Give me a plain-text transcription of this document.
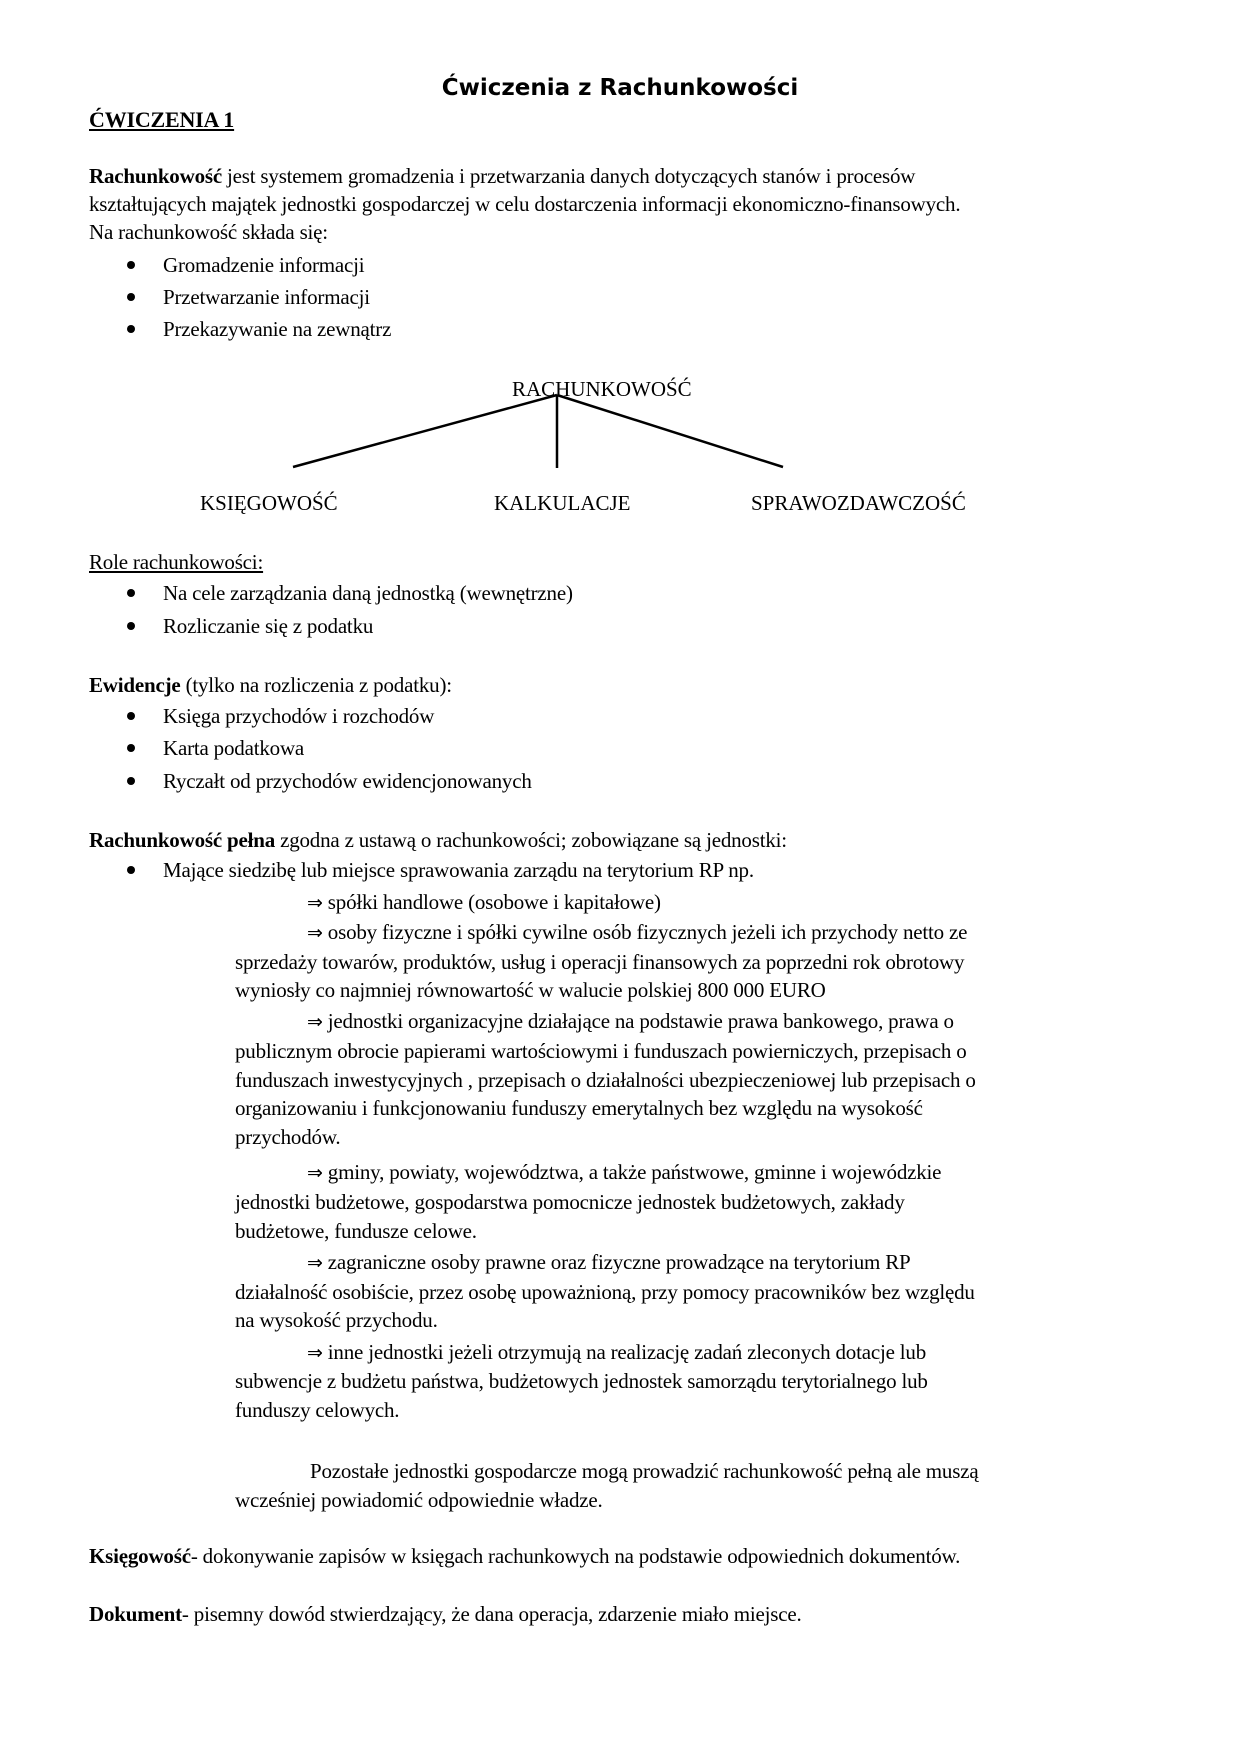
Ćwiczenia z Rachunkowości
ĆWICZENIA 1
Rachunkowość jest systemem gromadzenia i przetwarzania danych dotyczących stanów i procesów
kształtujących majątek jednostki gospodarczej w celu dostarczenia informacji ekonomiczno-finansowych.
Na rachunkowość składa się:
Gromadzenie informacji
Przetwarzanie informacji
Przekazywanie na zewnątrz
RACHUNKOWOŚĆ
KSIĘGOWOŚĆ	KALKULACJE	SPRAWOZDAWCZOŚĆ
Role rachunkowości:
Na cele zarządzania daną jednostką (wewnętrzne)
Rozliczanie się z podatku
Ewidencje (tylko na rozliczenia z podatku):
Księga przychodów i rozchodów
Karta podatkowa
Ryczałt od przychodów ewidencjonowanych
Rachunkowość pełna zgodna z ustawą o rachunkowości; zobowiązane są jednostki:
Mające siedzibę lub miejsce sprawowania zarządu na terytorium RP np.
⇒ spółki handlowe (osobowe i kapitałowe)
⇒ osoby fizyczne i spółki cywilne osób fizycznych jeżeli ich przychody netto ze
sprzedaży towarów, produktów, usług i operacji finansowych za poprzedni rok obrotowy
wyniosły co najmniej równowartość w walucie polskiej 800 000 EURO
⇒ jednostki organizacyjne działające na podstawie prawa bankowego, prawa o
publicznym obrocie papierami wartościowymi i funduszach powierniczych, przepisach o
funduszach inwestycyjnych , przepisach o działalności ubezpieczeniowej lub przepisach o
organizowaniu i funkcjonowaniu funduszy emerytalnych bez względu na wysokość
przychodów.
⇒ gminy, powiaty, województwa, a także państwowe, gminne i wojewódzkie
jednostki budżetowe, gospodarstwa pomocnicze jednostek budżetowych, zakłady
budżetowe, fundusze celowe.
⇒ zagraniczne osoby prawne oraz fizyczne prowadzące na terytorium RP
działalność osobiście, przez osobę upoważnioną, przy pomocy pracowników bez względu
na wysokość przychodu.
⇒ inne jednostki jeżeli otrzymują na realizację zadań zleconych dotacje lub
subwencje z budżetu państwa, budżetowych jednostek samorządu terytorialnego lub
funduszy celowych.
Pozostałe jednostki gospodarcze mogą prowadzić rachunkowość pełną ale muszą
wcześniej powiadomić odpowiednie władze.
Księgowość- dokonywanie zapisów w księgach rachunkowych na podstawie odpowiednich dokumentów.
Dokument- pisemny dowód stwierdzający, że dana operacja, zdarzenie miało miejsce.
